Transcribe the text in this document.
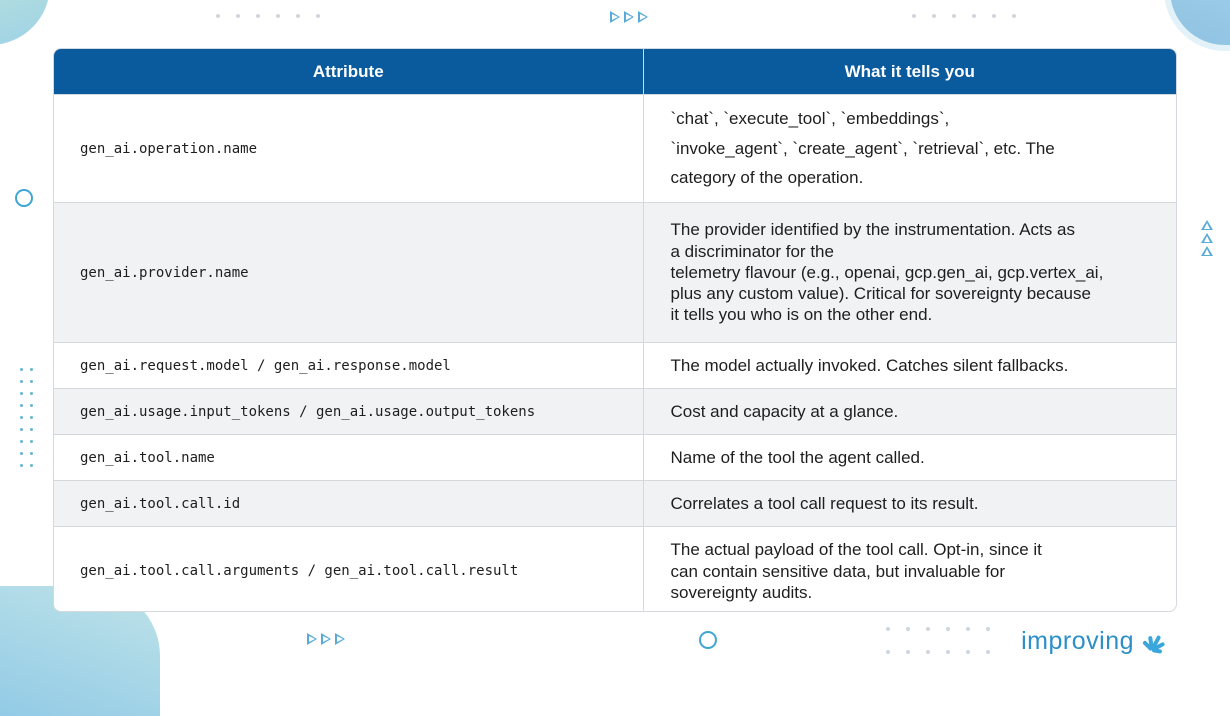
Attribute	What it tells you
gen_ai.operation.name	`chat`, `execute_tool`, `embeddings`,
`invoke_agent`, `create_agent`, `retrieval`, etc. The
category of the operation.
gen_ai.provider.name	The provider identified by the instrumentation. Acts as
a discriminator for the
telemetry flavour (e.g., openai, gcp.gen_ai, gcp.vertex_ai,
plus any custom value). Critical for sovereignty because
it tells you who is on the other end.
gen_ai.request.model / gen_ai.response.model	The model actually invoked. Catches silent fallbacks.
gen_ai.usage.input_tokens / gen_ai.usage.output_tokens	Cost and capacity at a glance.
gen_ai.tool.name	Name of the tool the agent called.
gen_ai.tool.call.id	Correlates a tool call request to its result.
gen_ai.tool.call.arguments / gen_ai.tool.call.result	The actual payload of the tool call. Opt-in, since it
can contain sensitive data, but invaluable for
sovereignty audits.
improving
